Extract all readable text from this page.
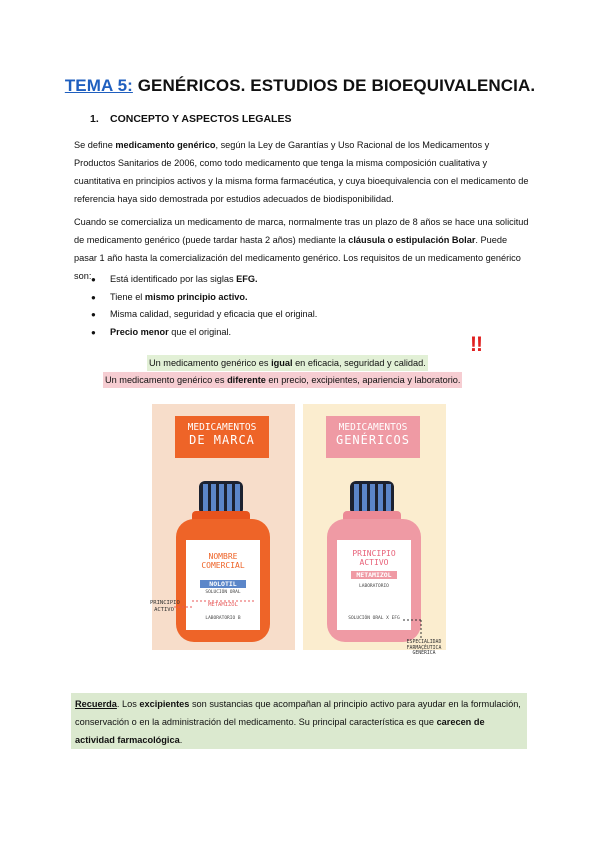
TEMA 5: GENÉRICOS. ESTUDIOS DE BIOEQUIVALENCIA.
1. CONCEPTO Y ASPECTOS LEGALES
Se define medicamento genérico, según la Ley de Garantías y Uso Racional de los Medicamentos y Productos Sanitarios de 2006, como todo medicamento que tenga la misma composición cualitativa y cuantitativa en principios activos y la misma forma farmacéutica, y cuya bioequivalencia con el medicamento de referencia haya sido demostrada por estudios adecuados de biodisponibilidad.
Cuando se comercializa un medicamento de marca, normalmente tras un plazo de 8 años se hace una solicitud de medicamento genérico (puede tardar hasta 2 años) mediante la cláusula o estipulación Bolar. Puede pasar 1 año hasta la comercialización del medicamento genérico. Los requisitos de un medicamento genérico son:
●	Está identificado por las siglas EFG.
● Tiene el mismo principio activo.
● Misma calidad, seguridad y eficacia que el original.
● Precio menor que el original.
!!
Un medicamento genérico es igual en eficacia, seguridad y calidad.
Un medicamento genérico es diferente en precio, excipientes, apariencia y laboratorio.
MEDICAMENTOS
DE MARCA
NOMBRE
COMERCIAL
NOLOTIL
SOLUCIÓN ORAL
METAMIZOL
LABORATORIO B
PRINCIPIO ACTIVO
MEDICAMENTOS
GENÉRICOS
PRINCIPIO
ACTIVO
METAMIZOL
LABORATORIO
SOLUCIÓN ORAL X EFG
ESPECIALIDAD FARMACÉUTICA GENÉRICA
Recuerda. Los excipientes son sustancias que acompañan al principio activo para ayudar en la formulación, conservación o en la administración del medicamento. Su principal característica es que carecen de actividad farmacológica.
